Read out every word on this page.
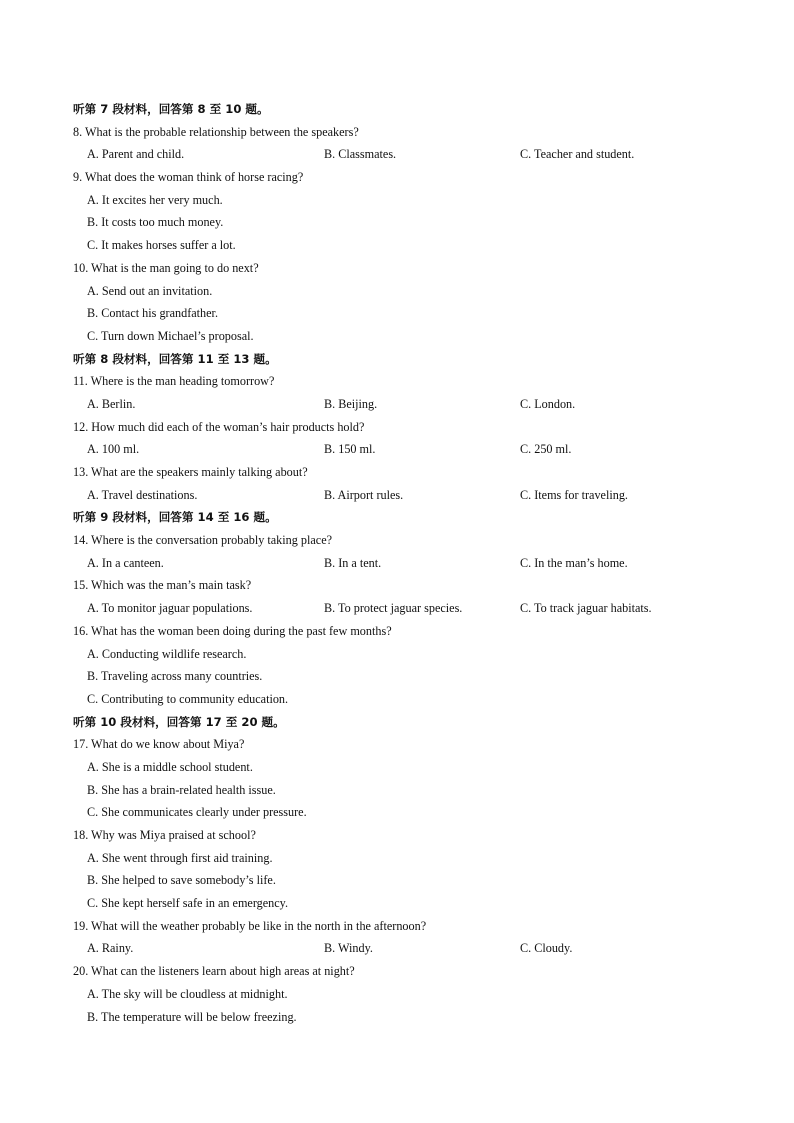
听第 7 段材料，回答第 8 至 10 题。
8. What is the probable relationship between the speakers?
A. Parent and child.	B. Classmates.	C. Teacher and student.
9. What does the woman think of horse racing?
A. It excites her very much.
B. It costs too much money.
C. It makes horses suffer a lot.
10. What is the man going to do next?
A. Send out an invitation.
B. Contact his grandfather.
C. Turn down Michael’s proposal.
听第 8 段材料，回答第 11 至 13 题。
11. Where is the man heading tomorrow?
A. Berlin.	B. Beijing.	C. London.
12. How much did each of the woman’s hair products hold?
A. 100 ml.	B. 150 ml.	C. 250 ml.
13. What are the speakers mainly talking about?
A. Travel destinations.	B. Airport rules.	C. Items for traveling.
听第 9 段材料，回答第 14 至 16 题。
14. Where is the conversation probably taking place?
A. In a canteen.	B. In a tent.	C. In the man’s home.
15. Which was the man’s main task?
A. To monitor jaguar populations.	B. To protect jaguar species.	C. To track jaguar habitats.
16. What has the woman been doing during the past few months?
A. Conducting wildlife research.
B. Traveling across many countries.
C. Contributing to community education.
听第 10 段材料，回答第 17 至 20 题。
17. What do we know about Miya?
A. She is a middle school student.
B. She has a brain-related health issue.
C. She communicates clearly under pressure.
18. Why was Miya praised at school?
A. She went through first aid training.
B. She helped to save somebody’s life.
C. She kept herself safe in an emergency.
19. What will the weather probably be like in the north in the afternoon?
A. Rainy.	B. Windy.	C. Cloudy.
20. What can the listeners learn about high areas at night?
A. The sky will be cloudless at midnight.
B. The temperature will be below freezing.
